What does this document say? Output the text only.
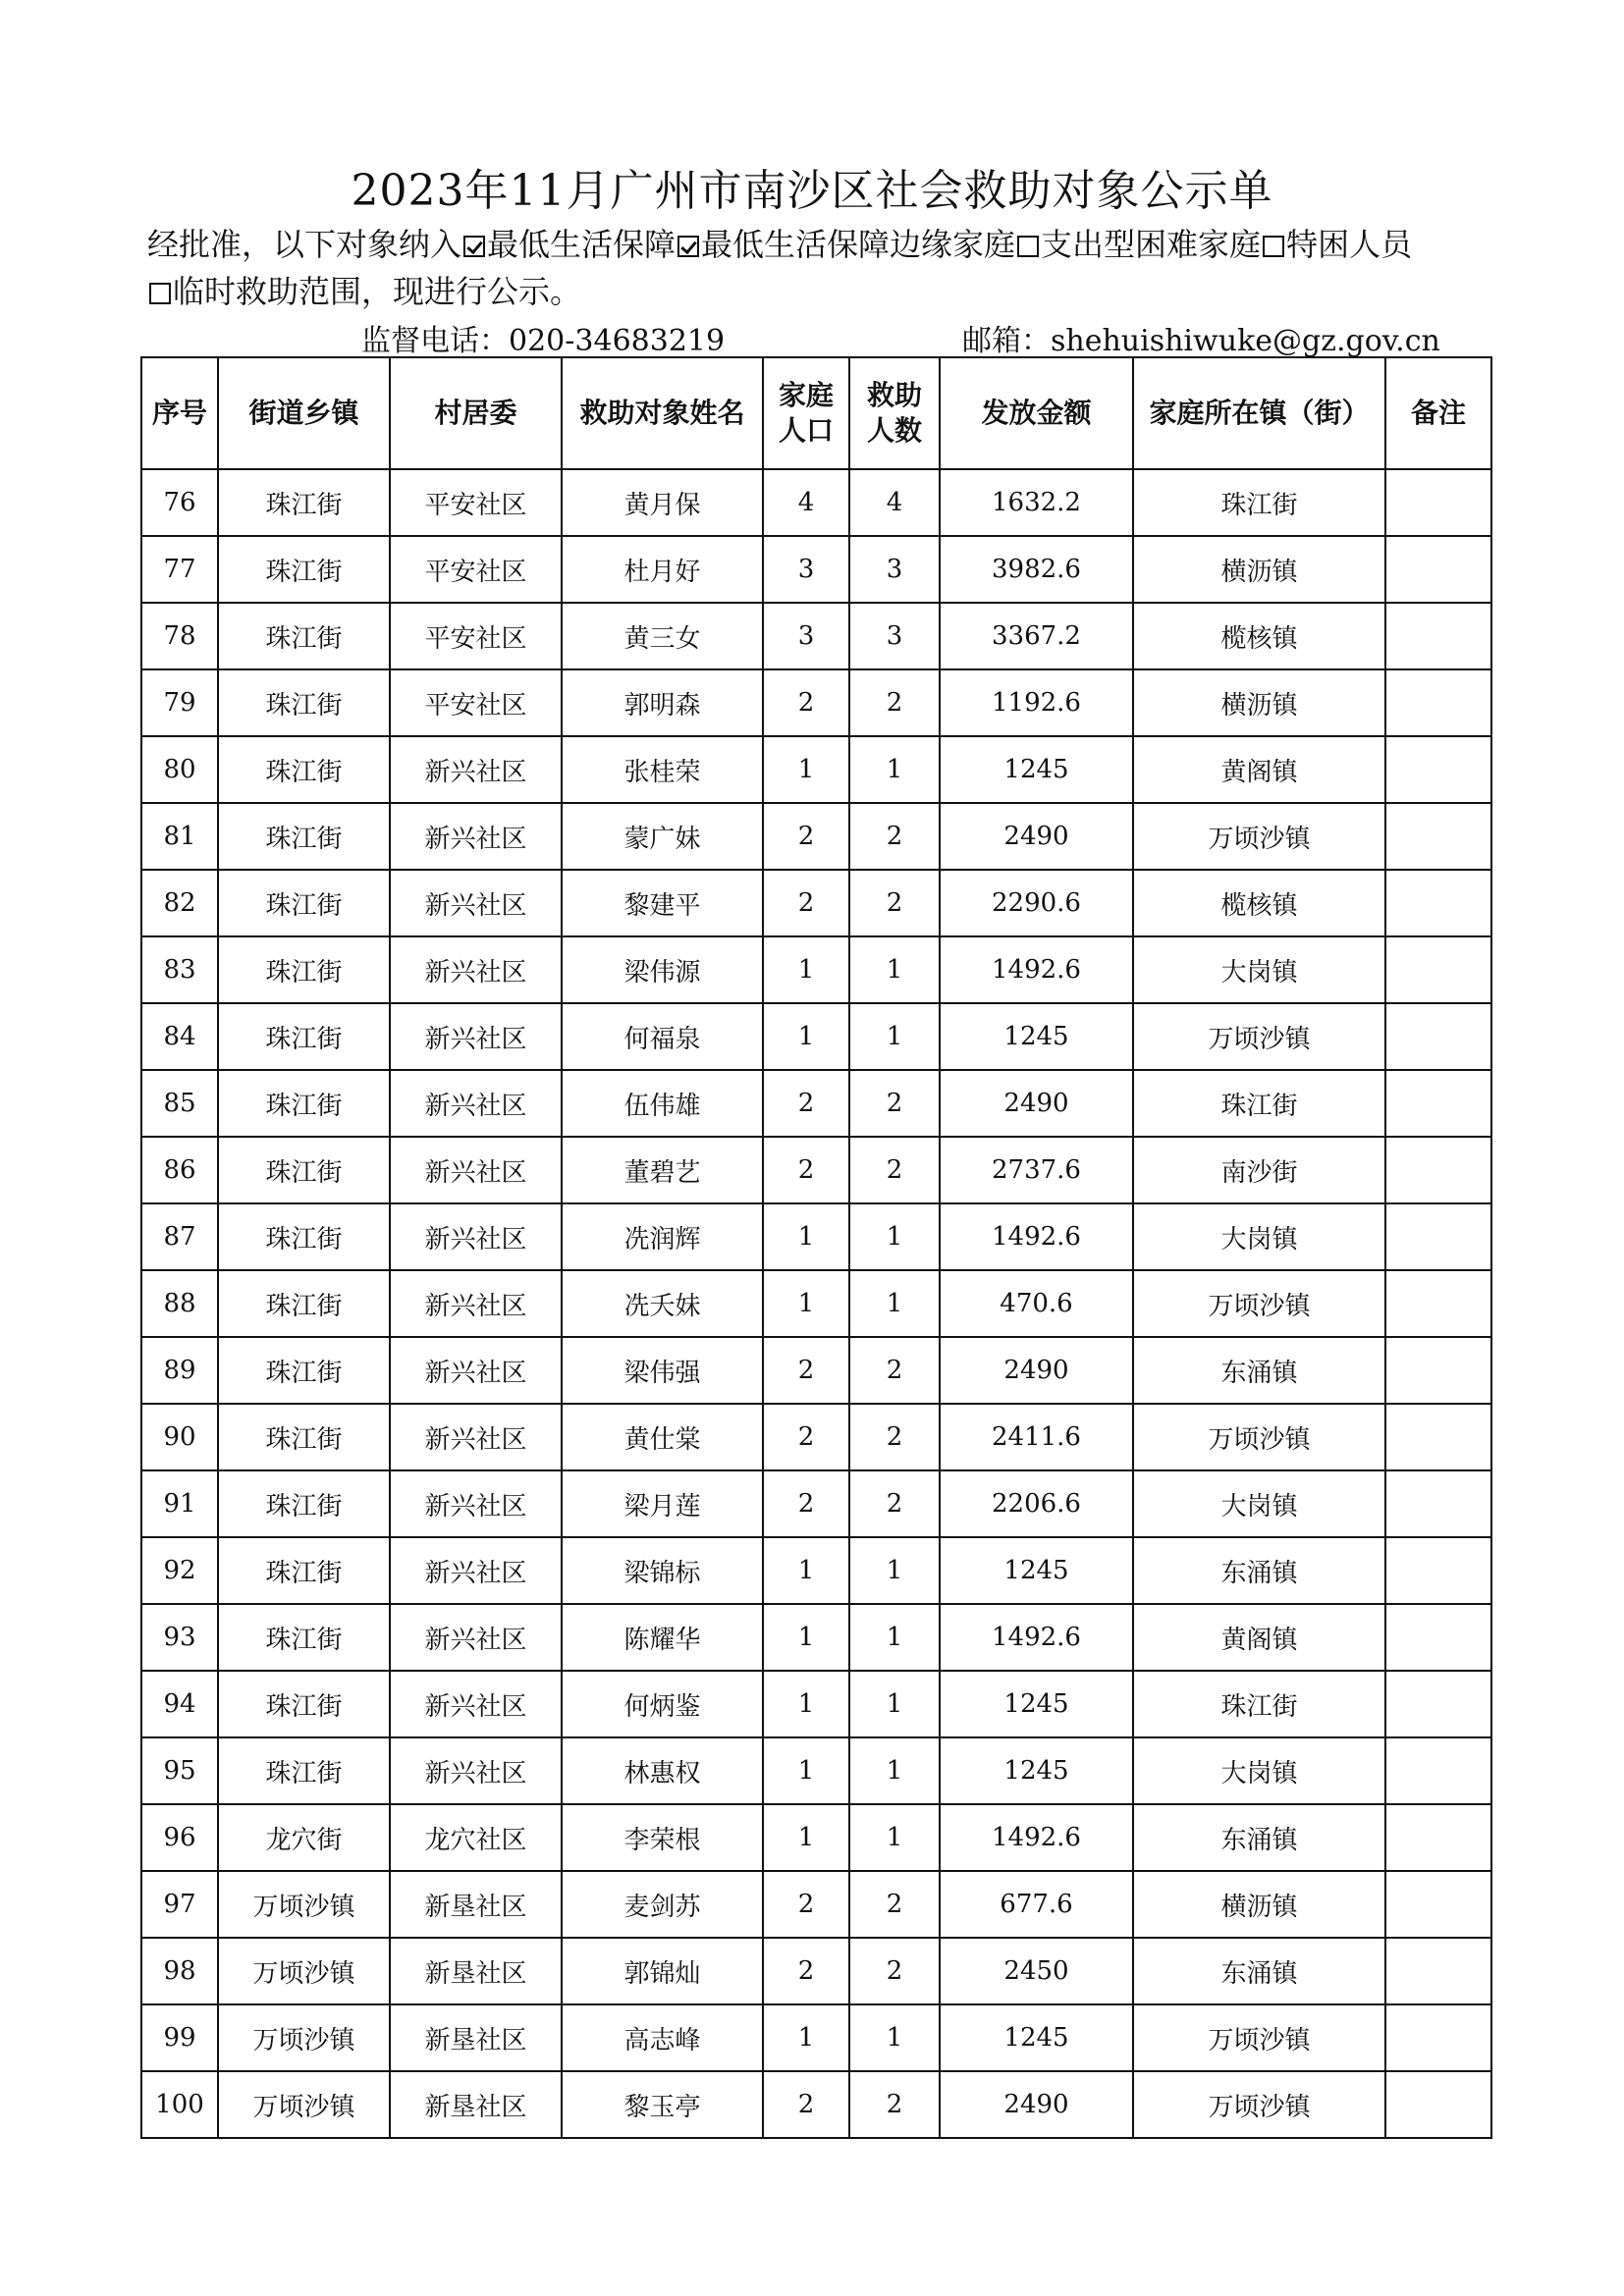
2023年11月广州市南沙区社会救助对象公示单
经批准，以下对象纳入 最低生活保障 最低生活保障边缘家庭 支出型困难家庭 特困人员
临时救助范围，现进行公示。
监督电话：020-34683219	邮箱：shehuishiwuke@gz.gov.cn
序号	街道乡镇	村居委	救助对象姓名	家庭人口	救助人数	发放金额	家庭所在镇（街）	备注
76	珠江街	平安社区	黄月保	4	4	1632.2	珠江街	
77	珠江街	平安社区	杜月好	3	3	3982.6	横沥镇	
78	珠江街	平安社区	黄三女	3	3	3367.2	榄核镇	
79	珠江街	平安社区	郭明森	2	2	1192.6	横沥镇	
80	珠江街	新兴社区	张桂荣	1	1	1245	黄阁镇	
81	珠江街	新兴社区	蒙广妹	2	2	2490	万顷沙镇	
82	珠江街	新兴社区	黎建平	2	2	2290.6	榄核镇	
83	珠江街	新兴社区	梁伟源	1	1	1492.6	大岗镇	
84	珠江街	新兴社区	何福泉	1	1	1245	万顷沙镇	
85	珠江街	新兴社区	伍伟雄	2	2	2490	珠江街	
86	珠江街	新兴社区	董碧艺	2	2	2737.6	南沙街	
87	珠江街	新兴社区	冼润辉	1	1	1492.6	大岗镇	
88	珠江街	新兴社区	冼夭妹	1	1	470.6	万顷沙镇	
89	珠江街	新兴社区	梁伟强	2	2	2490	东涌镇	
90	珠江街	新兴社区	黄仕棠	2	2	2411.6	万顷沙镇	
91	珠江街	新兴社区	梁月莲	2	2	2206.6	大岗镇	
92	珠江街	新兴社区	梁锦标	1	1	1245	东涌镇	
93	珠江街	新兴社区	陈耀华	1	1	1492.6	黄阁镇	
94	珠江街	新兴社区	何炳鉴	1	1	1245	珠江街	
95	珠江街	新兴社区	林惠权	1	1	1245	大岗镇	
96	龙穴街	龙穴社区	李荣根	1	1	1492.6	东涌镇	
97	万顷沙镇	新垦社区	麦剑苏	2	2	677.6	横沥镇	
98	万顷沙镇	新垦社区	郭锦灿	2	2	2450	东涌镇	
99	万顷沙镇	新垦社区	高志峰	1	1	1245	万顷沙镇	
100	万顷沙镇	新垦社区	黎玉亭	2	2	2490	万顷沙镇	
